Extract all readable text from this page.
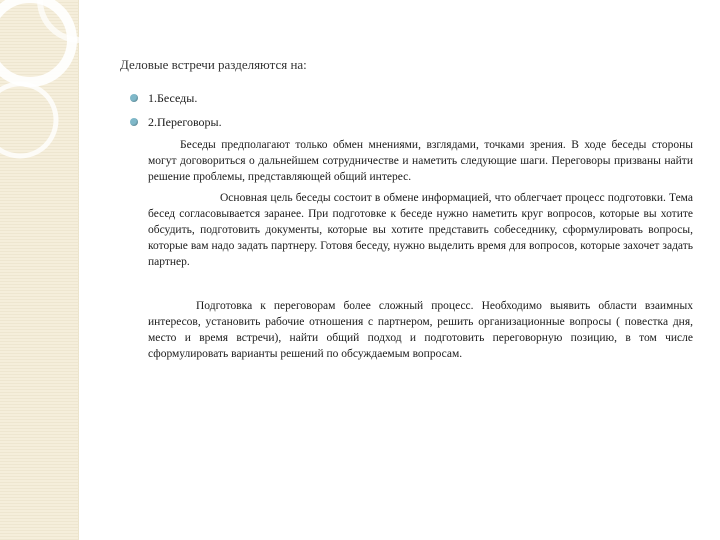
Деловые встречи разделяются на:
1.Беседы.
2.Переговоры.

Беседы предполагают только обмен мнениями, взглядами, точками зрения. В ходе беседы стороны могут договориться о дальнейшем сотрудничестве и наметить следующие шаги. Переговоры призваны найти решение проблемы, представляющей общий интерес.

Основная цель беседы состоит в обмене информацией, что облегчает процесс подготовки. Тема бесед согласовывается заранее. При подготовке к беседе нужно наметить круг вопросов, которые вы хотите обсудить, подготовить документы, которые вы хотите представить собеседнику, сформулировать вопросы, которые вам надо задать партнеру. Готовя беседу, нужно выделить время для вопросов, которые захочет задать партнер.

Подготовка к переговорам более сложный процесс. Необходимо выявить области взаимных интересов, установить рабочие отношения с партнером, решить организационные вопросы ( повестка дня, место и время встречи), найти общий подход и подготовить переговорную позицию, в том числе сформулировать варианты решений по обсуждаемым вопросам.
